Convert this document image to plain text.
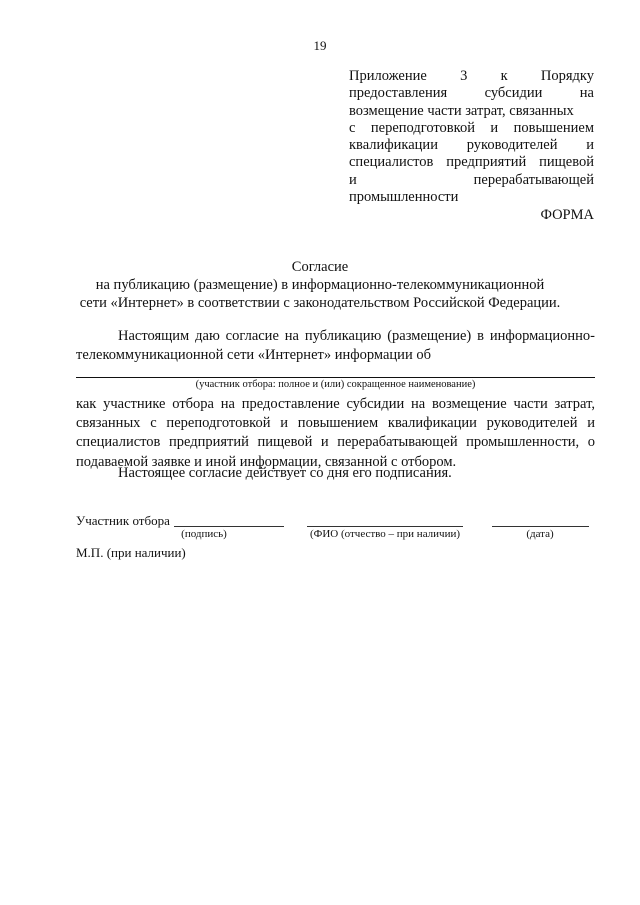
19
Приложение 3 к Порядку
предоставления субсидии на
возмещение части затрат, связанных
с переподготовкой и повышением
квалификации руководителей и
специалистов предприятий пищевой
и перерабатывающей
промышленности
ФОРМА
Согласие
на публикацию (размещение) в информационно-телекоммуникационной
сети «Интернет» в соответствии с законодательством Российской Федерации.
Настоящим даю согласие на публикацию (размещение) в информационно-
телекоммуникационной сети «Интернет» информации об
(участник отбора: полное и (или) сокращенное наименование)
как участнике отбора на предоставление субсидии на возмещение части затрат,
связанных с переподготовкой и повышением квалификации руководителей и
специалистов предприятий пищевой и перерабатывающей промышленности, о
подаваемой заявке и иной информации, связанной с отбором.
Настоящее согласие действует со дня его подписания.
Участник отбора
(подпись)	(ФИО (отчество – при наличии)	(дата)
М.П. (при наличии)
